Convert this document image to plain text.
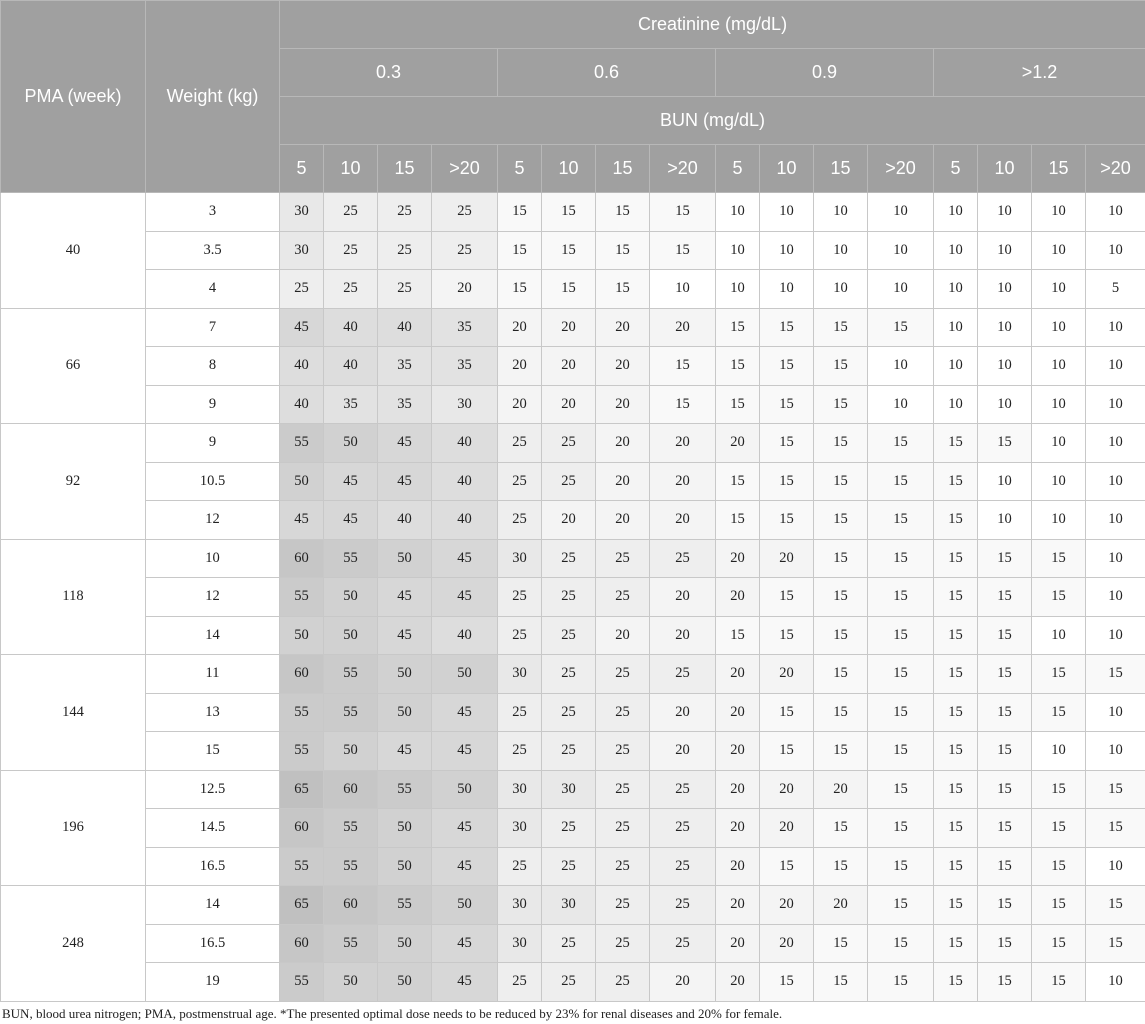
PMA (week)	Weight (kg)	Creatinine (mg/dL)															
		0.3				0.6				0.9				>1.2			
		BUN (mg/dL)															
		5	10	15	>20	5	10	15	>20	5	10	15	>20	5	10	15	>20
40	3	30	25	25	25	15	15	15	15	10	10	10	10	10	10	10	10
	3.5	30	25	25	25	15	15	15	15	10	10	10	10	10	10	10	10
	4	25	25	25	20	15	15	15	10	10	10	10	10	10	10	10	5
66	7	45	40	40	35	20	20	20	20	15	15	15	15	10	10	10	10
	8	40	40	35	35	20	20	20	15	15	15	15	10	10	10	10	10
	9	40	35	35	30	20	20	20	15	15	15	15	10	10	10	10	10
92	9	55	50	45	40	25	25	20	20	20	15	15	15	15	15	10	10
	10.5	50	45	45	40	25	25	20	20	15	15	15	15	15	10	10	10
	12	45	45	40	40	25	20	20	20	15	15	15	15	15	10	10	10
118	10	60	55	50	45	30	25	25	25	20	20	15	15	15	15	15	10
	12	55	50	45	45	25	25	25	20	20	15	15	15	15	15	15	10
	14	50	50	45	40	25	25	20	20	15	15	15	15	15	15	10	10
144	11	60	55	50	50	30	25	25	25	20	20	15	15	15	15	15	15
	13	55	55	50	45	25	25	25	20	20	15	15	15	15	15	15	10
	15	55	50	45	45	25	25	25	20	20	15	15	15	15	15	10	10
196	12.5	65	60	55	50	30	30	25	25	20	20	20	15	15	15	15	15
	14.5	60	55	50	45	30	25	25	25	20	20	15	15	15	15	15	15
	16.5	55	55	50	45	25	25	25	25	20	15	15	15	15	15	15	10
248	14	65	60	55	50	30	30	25	25	20	20	20	15	15	15	15	15
	16.5	60	55	50	45	30	25	25	25	20	20	15	15	15	15	15	15
	19	55	50	50	45	25	25	25	20	20	15	15	15	15	15	15	10
BUN, blood urea nitrogen; PMA, postmenstrual age. *The presented optimal dose needs to be reduced by 23% for renal diseases and 20% for female.
